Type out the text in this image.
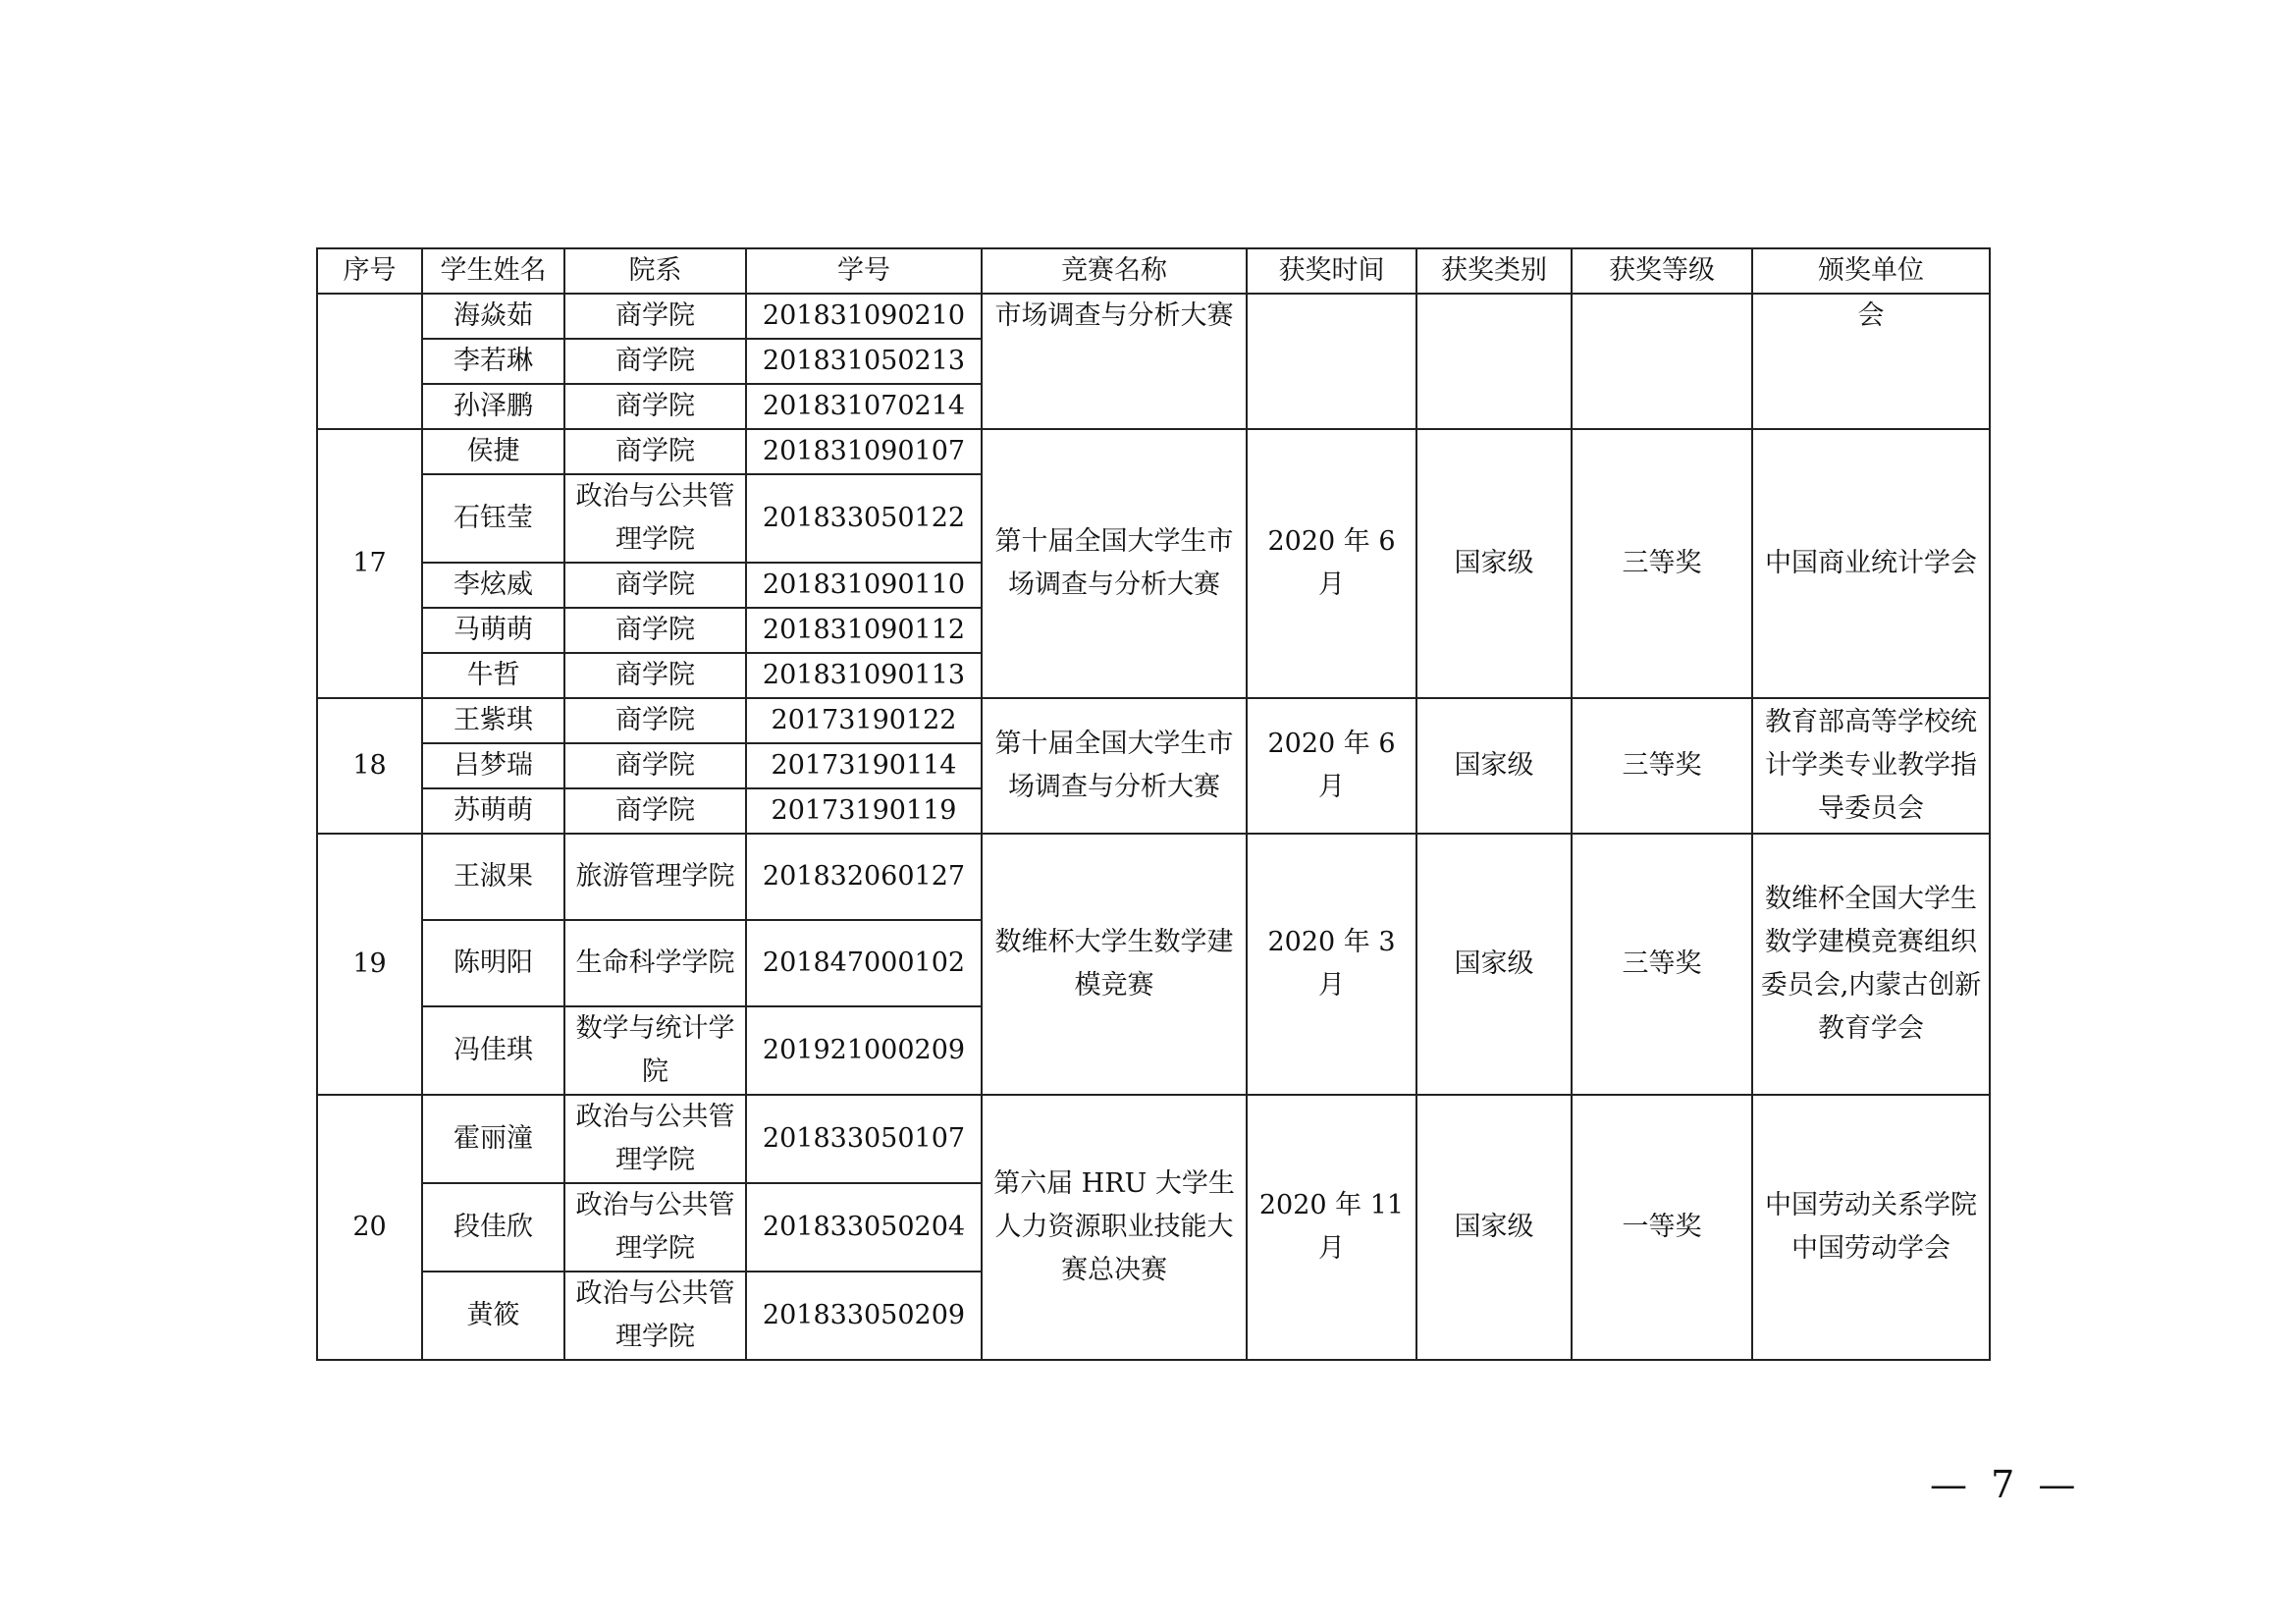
序号	学生姓名	院系	学号	竞赛名称	获奖时间	获奖类别	获奖等级	颁奖单位
	海焱茹	商学院	201831090210	市场调查与分析大赛				会
	李若琳	商学院	201831050213					
	孙泽鹏	商学院	201831070214					
17	侯捷	商学院	201831090107	第十届全国大学生市场调查与分析大赛	2020 年 6 月	国家级	三等奖	中国商业统计学会
	石钰莹	政治与公共管理学院	201833050122					
	李炫威	商学院	201831090110					
	马萌萌	商学院	201831090112					
	牛哲	商学院	201831090113					
18	王紫琪	商学院	20173190122	第十届全国大学生市场调查与分析大赛	2020 年 6 月	国家级	三等奖	教育部高等学校统计学类专业教学指导委员会
	吕梦瑞	商学院	20173190114					
	苏萌萌	商学院	20173190119					
19	王淑果	旅游管理学院	201832060127	数维杯大学生数学建模竞赛	2020 年 3 月	国家级	三等奖	数维杯全国大学生数学建模竞赛组织委员会,内蒙古创新教育学会
	陈明阳	生命科学学院	201847000102					
	冯佳琪	数学与统计学院	201921000209					
20	霍丽潼	政治与公共管理学院	201833050107	第六届 HRU 大学生人力资源职业技能大赛总决赛	2020 年 11 月	国家级	一等奖	中国劳动关系学院中国劳动学会
	段佳欣	政治与公共管理学院	201833050204					
	黄筱	政治与公共管理学院	201833050209					
— 7 —
